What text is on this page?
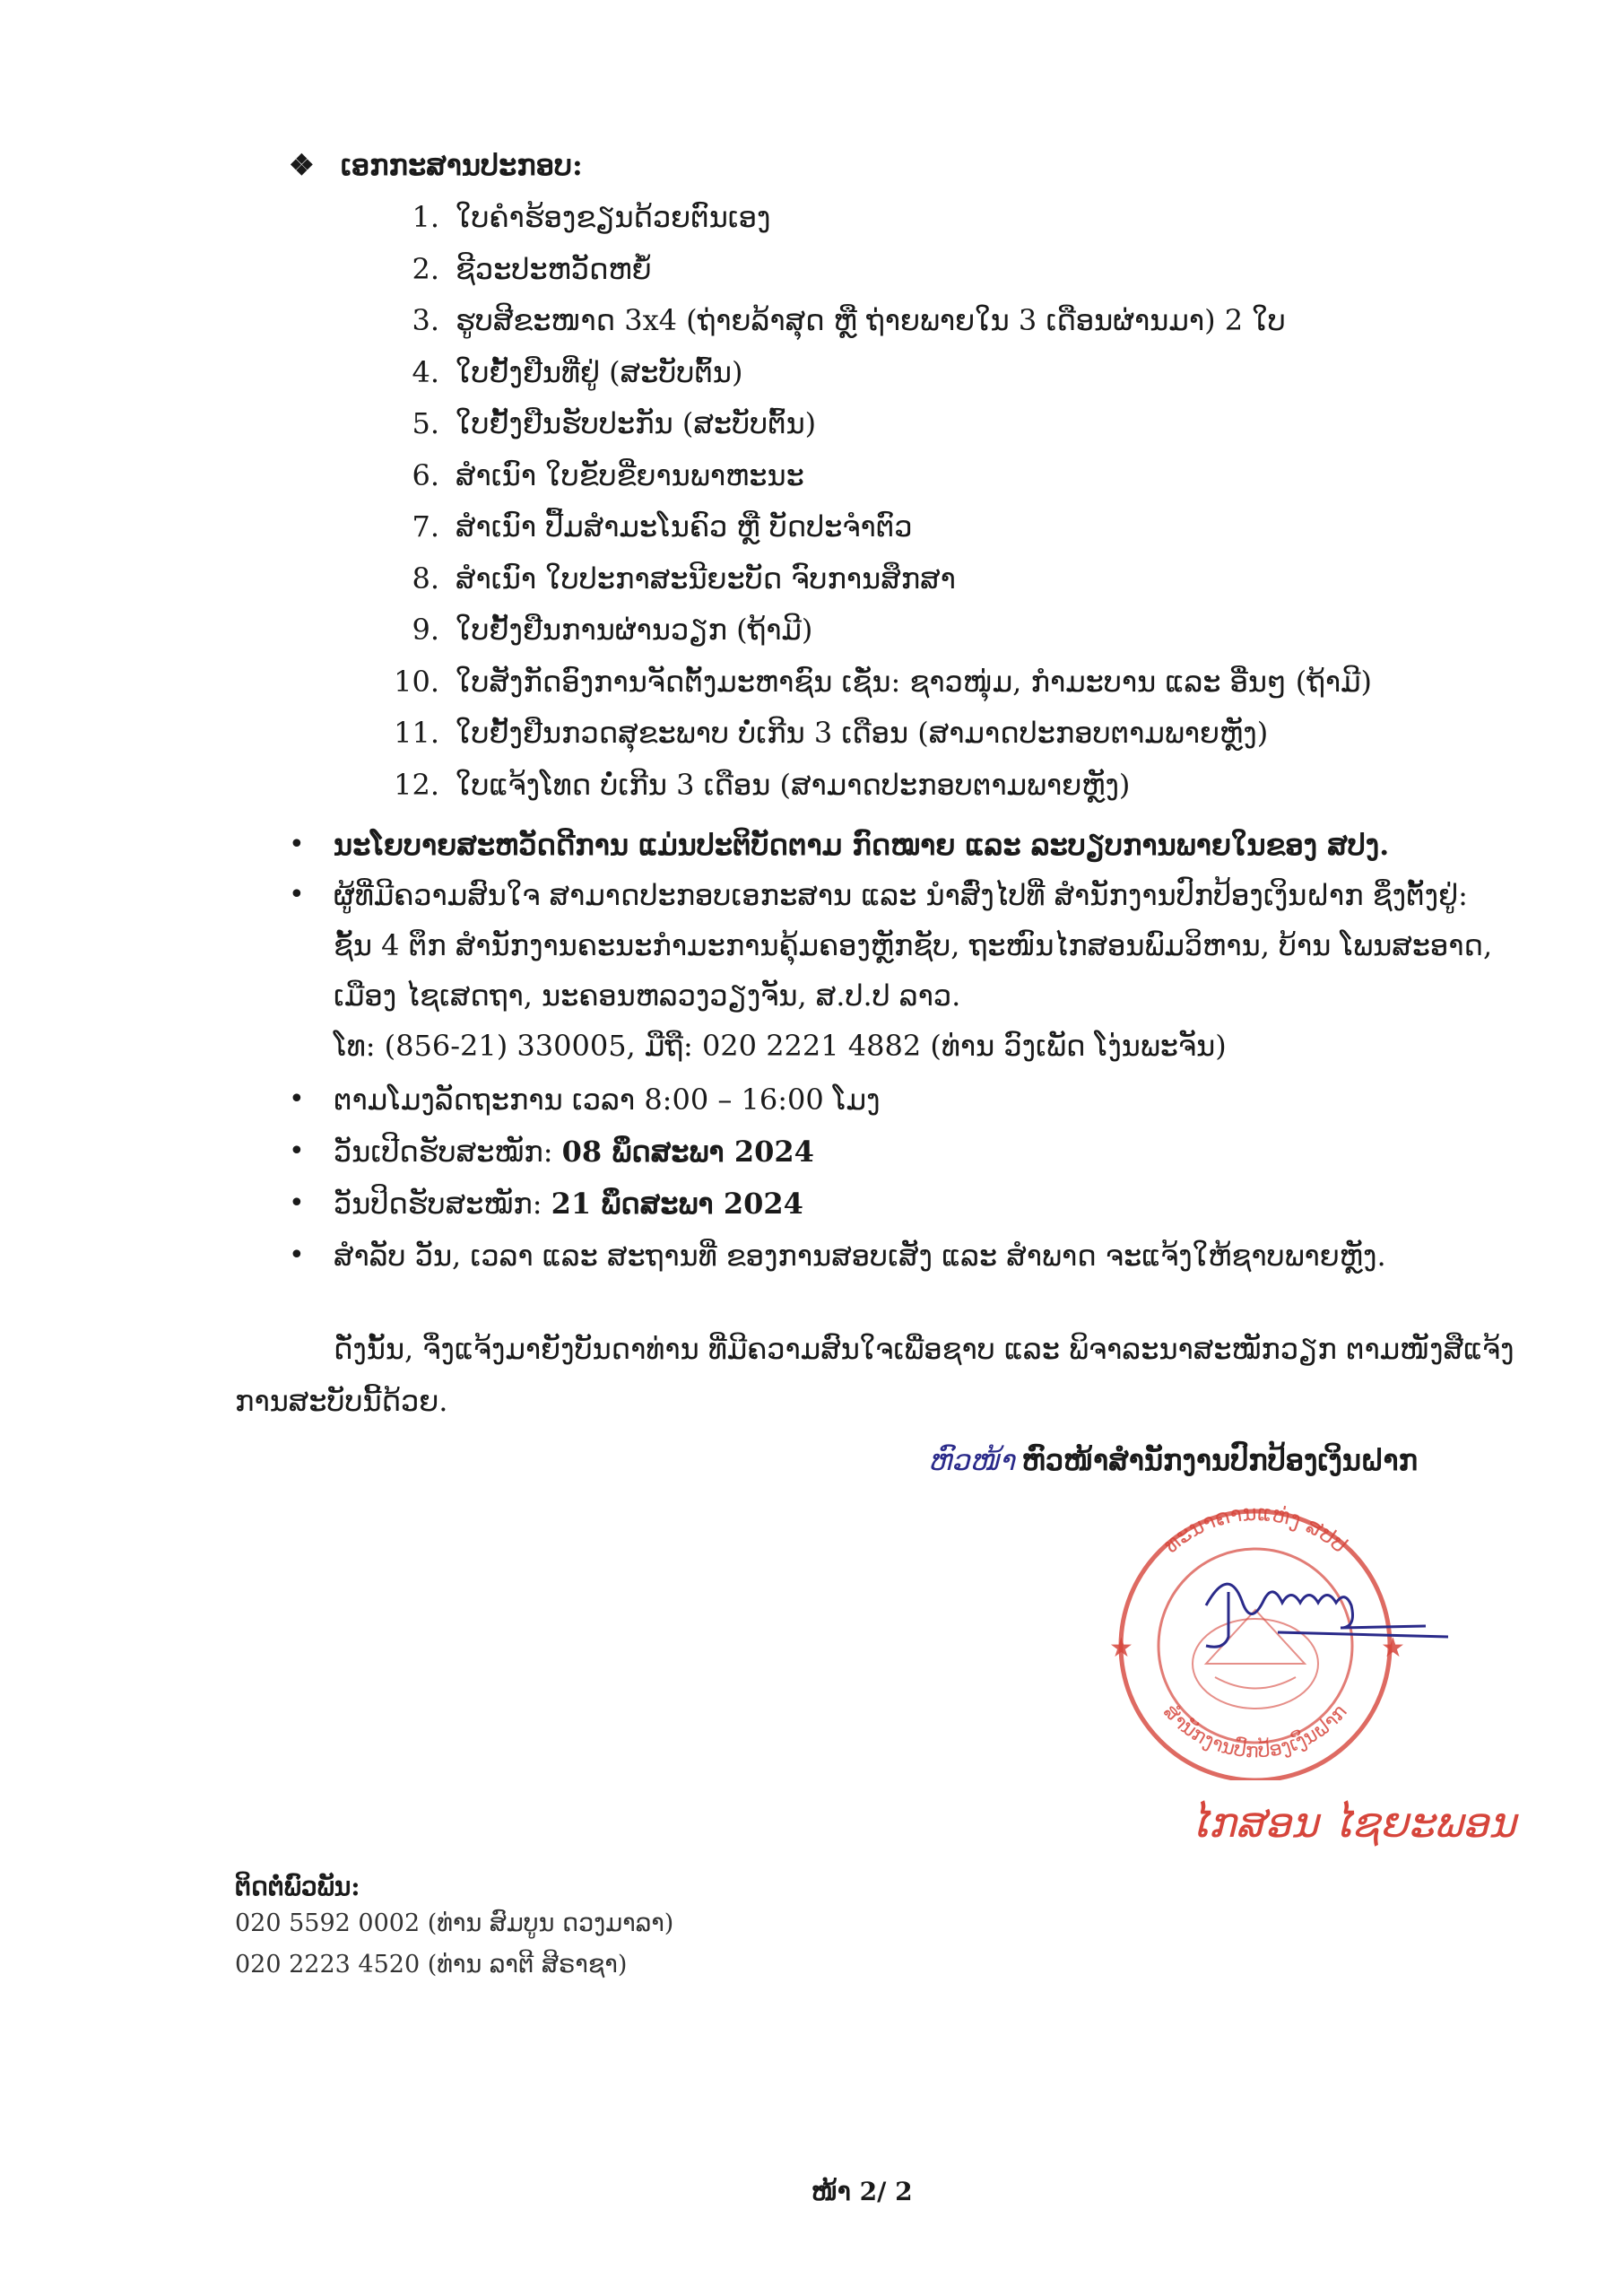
❖ ເອກກະສານປະກອບ:
1. ໃບຄຳຮ້ອງຂຽນດ້ວຍຕົນເອງ
2. ຊີວະປະຫວັດຫຍໍ້
3. ຮູບສີຂະໜາດ 3x4 (ຖ່າຍລ້າສຸດ ຫຼື ຖ່າຍພາຍໃນ 3 ເດືອນຜ່ານມາ) 2 ໃບ
4. ໃບຢັ້ງຢືນທີ່ຢູ່ (ສະບັບຕົ້ນ)
5. ໃບຢັ້ງຢືນຮັບປະກັນ (ສະບັບຕົ້ນ)
6. ສຳເນົາ ໃບຂັບຂີ່ຍານພາຫະນະ
7. ສຳເນົາ ປື້ມສຳມະໂນຄົວ ຫຼື ບັດປະຈຳຕົວ
8. ສຳເນົາ ໃບປະກາສະນີຍະບັດ ຈົບການສຶກສາ
9. ໃບຢັ້ງຢືນການຜ່ານວຽກ (ຖ້າມີ)
10. ໃບສັງກັດອົງການຈັດຕັ້ງມະຫາຊົນ ເຊັ່ນ: ຊາວໜຸ່ມ, ກຳມະບານ ແລະ ອື່ນໆ (ຖ້າມີ)
11. ໃບຢັ້ງຢືນກວດສຸຂະພາບ ບໍ່ເກີນ 3 ເດືອນ (ສາມາດປະກອບຕາມພາຍຫຼັງ)
12. ໃບແຈ້ງໂທດ ບໍ່ເກີນ 3 ເດືອນ (ສາມາດປະກອບຕາມພາຍຫຼັງ)
• ນະໂຍບາຍສະຫວັດດີການ ແມ່ນປະຕິບັດຕາມ ກົດໝາຍ ແລະ ລະບຽບການພາຍໃນຂອງ ສປງ.
• ຜູ້ທີ່ມີຄວາມສົນໃຈ ສາມາດປະກອບເອກະສານ ແລະ ນຳສົ່ງໄປທີ່ ສຳນັກງານປົກປ້ອງເງິນຝາກ ຊຶ່ງຕັ້ງຢູ່:
ຊັ້ນ 4 ຕຶກ ສຳນັກງານຄະນະກຳມະການຄຸ້ມຄອງຫຼັກຊັບ, ຖະໜົນໄກສອນພົມວິຫານ, ບ້ານ ໂພນສະອາດ,
ເມືອງ ໄຊເສດຖາ, ນະຄອນຫລວງວຽງຈັນ, ສ.ປ.ປ ລາວ.
ໂທ: (856-21) 330005, ມືຖື: 020 2221 4882 (ທ່ານ ວົງເພັດ ໂງ່ນພະຈັນ)
• ຕາມໂມງລັດຖະການ ເວລາ 8:00 – 16:00 ໂມງ
• ວັນເປີດຮັບສະໝັກ: 08 ພຶດສະພາ 2024
• ວັນປິດຮັບສະໝັກ: 21 ພຶດສະພາ 2024
• ສຳລັບ ວັນ, ເວລາ ແລະ ສະຖານທີ່ ຂອງການສອບເສັງ ແລະ ສຳພາດ ຈະແຈ້ງໃຫ້ຊາບພາຍຫຼັງ.
ດັ່ງນັ້ນ, ຈຶ່ງແຈ້ງມາຍັງບັນດາທ່ານ ທີ່ມີຄວາມສົນໃຈເພື່ອຊາບ ແລະ ພິຈາລະນາສະໝັກວຽກ ຕາມໜັງສືແຈ້ງ
ການສະບັບນີ້ດ້ວຍ.
ຫົວໜ້າ ຫົວໜ້າສຳນັກງານປົກປ້ອງເງິນຝາກ
ທະນາຄານແຫ່ງ ສປປ
ສຳນັກງານປົກປ້ອງເງິນຝາກ
★	★
ໄກສອນ ໄຊຍະພອນ
ຕິດຕໍ່ພົວພັນ:
020 5592 0002 (ທ່ານ ສົມບູນ ດວງມາລາ)
020 2223 4520 (ທ່ານ ລາຕີ ສີຣາຊາ)
ໜ້າ 2/ 2
